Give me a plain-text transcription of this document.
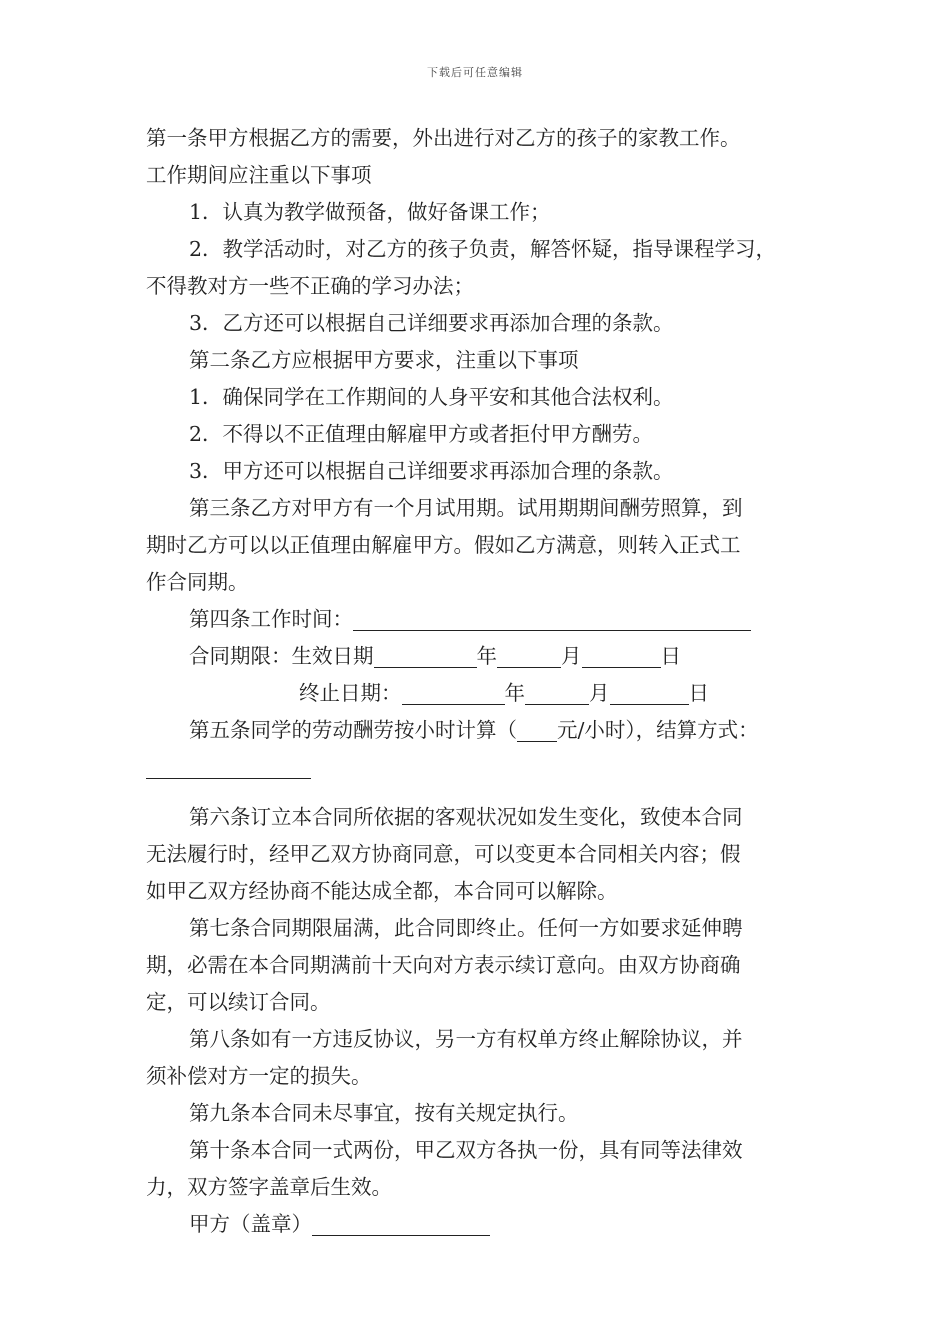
下载后可任意编辑
第一条甲方根据乙方的需要，外出进行对乙方的孩子的家教工作。
工作期间应注重以下事项
1．认真为教学做预备，做好备课工作；
2．教学活动时，对乙方的孩子负责，解答怀疑，指导课程学习，
不得教对方一些不正确的学习办法；
3．乙方还可以根据自己详细要求再添加合理的条款。
第二条乙方应根据甲方要求，注重以下事项
1．确保同学在工作期间的人身平安和其他合法权利。
2．不得以不正值理由解雇甲方或者拒付甲方酬劳。
3．甲方还可以根据自己详细要求再添加合理的条款。
第三条乙方对甲方有一个月试用期。试用期期间酬劳照算，到
期时乙方可以以正值理由解雇甲方。假如乙方满意，则转入正式工
作合同期。
第四条工作时间：
合同期限：生效日期	年	月	日
终止日期：	年	月	日
第五条同学的劳动酬劳按小时计算（ 元/小时），结算方式：
第六条订立本合同所依据的客观状况如发生变化，致使本合同
无法履行时，经甲乙双方协商同意，可以变更本合同相关内容；假
如甲乙双方经协商不能达成全都，本合同可以解除。
第七条合同期限届满，此合同即终止。任何一方如要求延伸聘
期，必需在本合同期满前十天向对方表示续订意向。由双方协商确
定，可以续订合同。
第八条如有一方违反协议，另一方有权单方终止解除协议，并
须补偿对方一定的损失。
第九条本合同未尽事宜，按有关规定执行。
第十条本合同一式两份，甲乙双方各执一份，具有同等法律效
力，双方签字盖章后生效。
甲方（盖章）
